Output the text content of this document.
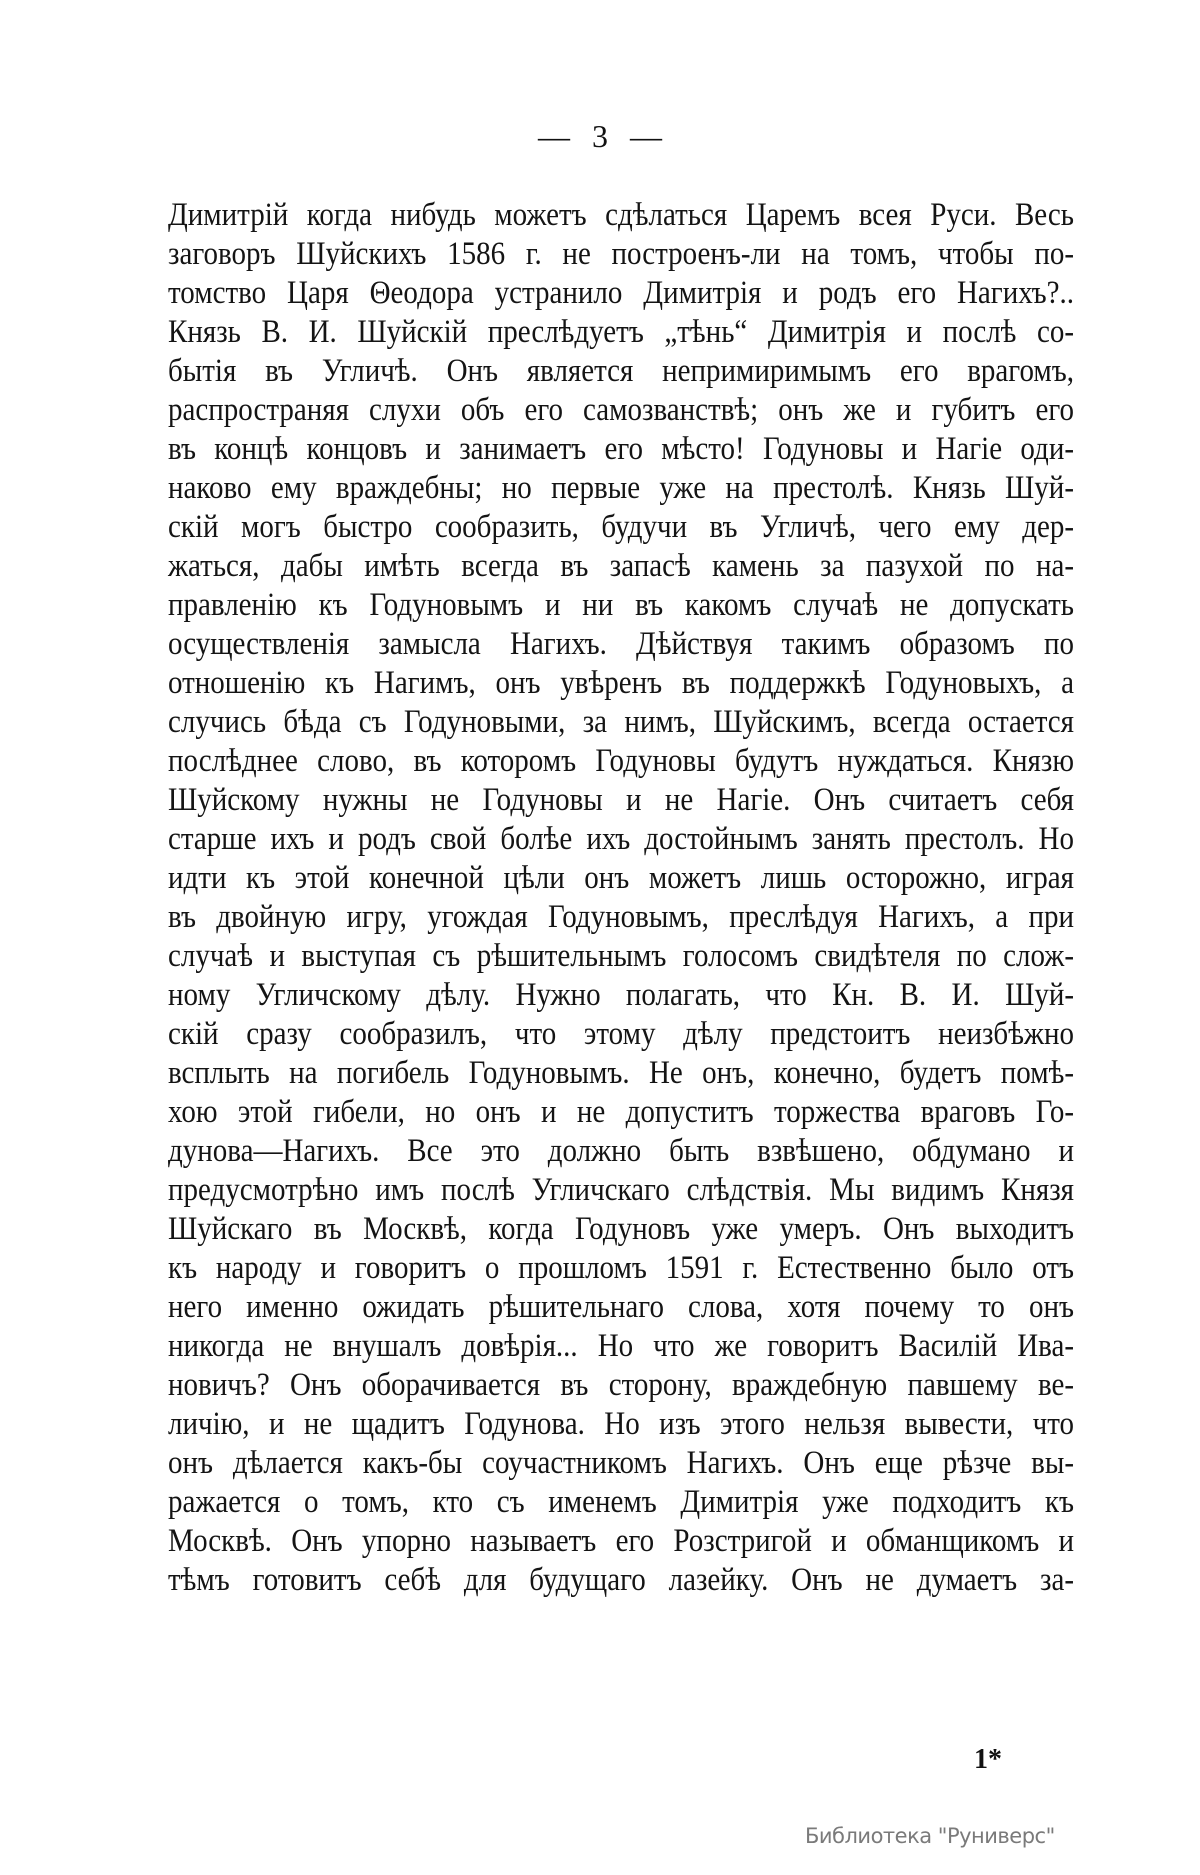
— 3 —
Димитрій когда нибудь можетъ сдѣлаться Царемъ всея Руси. Весь
заговоръ Шуйскихъ 1586 г. не построенъ-ли на томъ, чтобы по-
томство Царя Θеодора устранило Димитрія и родъ его Нагихъ?..
Князь В. И. Шуйскій преслѣдуетъ „тѣнь“ Димитрія и послѣ со-
бытія въ Угличѣ. Онъ является непримиримымъ его врагомъ,
распространяя слухи объ его самозванствѣ; онъ же и губитъ его
въ концѣ концовъ и занимаетъ его мѣсто! Годуновы и Нагіе оди-
наково ему враждебны; но первые уже на престолѣ. Князь Шуй-
скій могъ быстро сообразить, будучи въ Угличѣ, чего ему дер-
жаться, дабы имѣть всегда въ запасѣ камень за пазухой по на-
правленію къ Годуновымъ и ни въ какомъ случаѣ не допускать
осуществленія замысла Нагихъ. Дѣйствуя такимъ образомъ по
отношенію къ Нагимъ, онъ увѣренъ въ поддержкѣ Годуновыхъ, а
случись бѣда съ Годуновыми, за нимъ, Шуйскимъ, всегда остается
послѣднее слово, въ которомъ Годуновы будутъ нуждаться. Князю
Шуйскому нужны не Годуновы и не Нагіе. Онъ считаетъ себя
старше ихъ и родъ свой болѣе ихъ достойнымъ занять престолъ. Но
идти къ этой конечной цѣли онъ можетъ лишь осторожно, играя
въ двойную игру, угождая Годуновымъ, преслѣдуя Нагихъ, а при
случаѣ и выступая съ рѣшительнымъ голосомъ свидѣтеля по слож-
ному Угличскому дѣлу. Нужно полагать, что Кн. В. И. Шуй-
скій сразу сообразилъ, что этому дѣлу предстоитъ неизбѣжно
всплыть на погибель Годуновымъ. Не онъ, конечно, будетъ помѣ-
хою этой гибели, но онъ и не допуститъ торжества враговъ Го-
дунова—Нагихъ. Все это должно быть взвѣшено, обдумано и
предусмотрѣно имъ послѣ Угличскаго слѣдствія. Мы видимъ Князя
Шуйскаго въ Москвѣ, когда Годуновъ уже умеръ. Онъ выходитъ
къ народу и говоритъ о прошломъ 1591 г. Естественно было отъ
него именно ожидать рѣшительнаго слова, хотя почему то онъ
никогда не внушалъ довѣрія... Но что же говоритъ Василій Ива-
новичъ? Онъ оборачивается въ сторону, враждебную павшему ве-
личію, и не щадитъ Годунова. Но изъ этого нельзя вывести, что
онъ дѣлается какъ-бы соучастникомъ Нагихъ. Онъ еще рѣзче вы-
ражается о томъ, кто съ именемъ Димитрія уже подходитъ къ
Москвѣ. Онъ упорно называетъ его Розстригой и обманщикомъ и
тѣмъ готовитъ себѣ для будущаго лазейку. Онъ не думаетъ за-
1*
Библиотека "Руниверс"
